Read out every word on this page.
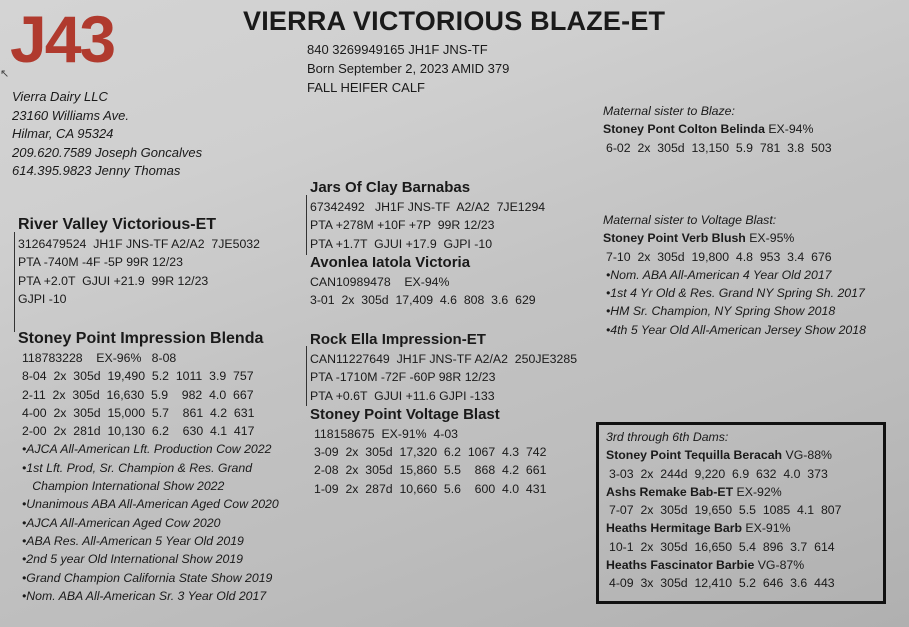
J43
↖
VIERRA VICTORIOUS BLAZE-ET
840 3269949165 JH1F JNS-TF
Born September 2, 2023 AMID 379
FALL HEIFER CALF
Vierra Dairy LLC
23160 Williams Ave.
Hilmar, CA 95324
209.620.7589 Joseph Goncalves
614.395.9823 Jenny Thomas
River Valley Victorious-ET
3126479524  JH1F JNS-TF A2/A2  7JE5032
PTA -740M -4F -5P 99R 12/23
PTA +2.0T  GJUI +21.9  99R 12/23
GJPI -10
Stoney Point Impression Blenda
118783228    EX-96%   8-08
8-04  2x  305d  19,490  5.2  1011  3.9  757
2-11  2x  305d  16,630  5.9    982  4.0  667
4-00  2x  305d  15,000  5.7    861  4.2  631
2-00  2x  281d  10,130  6.2    630  4.1  417
•AJCA All-American Lft. Production Cow 2022
•1st Lft. Prod, Sr. Champion & Res. Grand
Champion International Show 2022
•Unanimous ABA All-American Aged Cow 2020
•AJCA All-American Aged Cow 2020
•ABA Res. All-American 5 Year Old 2019
•2nd 5 year Old International Show 2019
•Grand Champion California State Show 2019
•Nom. ABA All-American Sr. 3 Year Old 2017
Jars Of Clay Barnabas
67342492   JH1F JNS-TF  A2/A2  7JE1294
PTA +278M +10F +7P  99R 12/23
PTA +1.7T  GJUI +17.9  GJPI -10
Avonlea Iatola Victoria
CAN10989478    EX-94%
3-01  2x  305d  17,409  4.6  808  3.6  629
Rock Ella Impression-ET
CAN11227649  JH1F JNS-TF A2/A2  250JE3285
PTA -1710M -72F -60P 98R 12/23
PTA +0.6T  GJUI +11.6 GJPI -133
Stoney Point Voltage Blast
118158675  EX-91%  4-03
3-09  2x  305d  17,320  6.2  1067  4.3  742
2-08  2x  305d  15,860  5.5    868  4.2  661
1-09  2x  287d  10,660  5.6    600  4.0  431
Maternal sister to Blaze:
Stoney Pont Colton Belinda EX-94%
6-02  2x  305d  13,150  5.9  781  3.8  503
Maternal sister to Voltage Blast:
Stoney Point Verb Blush EX-95%
7-10  2x  305d  19,800  4.8  953  3.4  676
•Nom. ABA All-American 4 Year Old 2017
•1st 4 Yr Old & Res. Grand NY Spring Sh. 2017
•HM Sr. Champion, NY Spring Show 2018
•4th 5 Year Old All-American Jersey Show 2018
3rd through 6th Dams:
Stoney Point Tequilla Beracah VG-88%
3-03  2x  244d  9,220  6.9  632  4.0  373
Ashs Remake Bab-ET EX-92%
7-07  2x  305d  19,650  5.5  1085  4.1  807
Heaths Hermitage Barb EX-91%
10-1  2x  305d  16,650  5.4  896  3.7  614
Heaths Fascinator Barbie VG-87%
4-09  3x  305d  12,410  5.2  646  3.6  443
